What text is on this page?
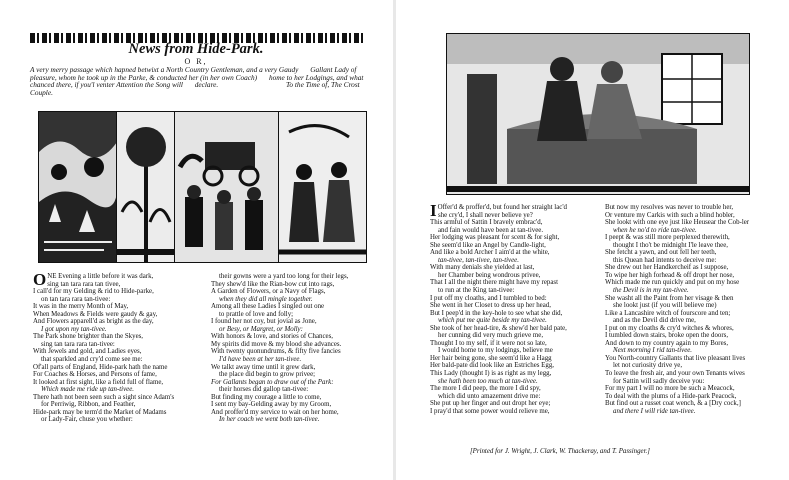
News from Hide-Park.
O R,
A very merry passage which hapned betwixt a North Country Gentleman, and a very Gaudy Gallant Lady of pleasure, whom he took up in the Parke, & conducted her (in her own Coach) home to her Lodgings, and what chanced there, if you'l venter Attention the Song will declare.	To the Time of, The Crost Couple.
O NE Evening a little before it was dark,
sing tan tara rara tan tivee,
I call'd for my Gelding & rid to Hide-parke,
on tan tara rara tan-tivee:
It was in the merry Month of May,
When Meadows & Fields were gaudy & gay,
And Flowers apparell'd as bright as the day,
I got upon my tan-tivee.
The Park shone brighter than the Skyes,
sing tan tara rara tan-tivee:
With Jewels and gold, and Ladies eyes,
that sparkled and cry'd come see me:
Of'all parts of England, Hide-park hath the name
For Coaches & Horses, and Persons of fame,
It looked at first sight, like a field full of flame,
Which made me ride up tan-tivee.
There hath not been seen such a sight since Adam's
for Perriwig, Ribbon, and Feather,
Hide-park may be term'd the Market of Madams
or Lady-Fair, chuse you whether:
their gowns were a yard too long for their legs,
They shew'd like the Rian-bow cut into rags,
A Garden of Flowers, or a Navy of Flags,
when they did all mingle together.
Among all these Ladies I singled out one
to prattle of love and folly;
I found her not coy, but jovial as Jone,
or Besy, or Margret, or Molly:
With honors & love, and stories of Chances,
My spirits did move & my blood she advances.
With twenty quonundrums, & fifty five fancies
I'd have been at her tan-tivee.
We talkt away time until it grew dark,
the place did begin to grow privee;
For Gallants began to draw out of the Park:
their horses did gallop tan-tivee:
But finding my courage a little to come,
I sent my bay-Gelding away by my Groom,
And proffer'd my service to wait on her home,
In her coach we went both tan-tivee.
I Offer'd & proffer'd, but found her straight lac'd
she cry'd, I shall never believe ye?
This armful of Sattin I bravely embrac'd,
and fain would have been at tan-tivee.
Her lodging was pleasant for scent & for sight,
She seem'd like an Angel by Candle-light,
And like a bold Archer I aim'd at the white,
tan-tivee, tan-tivee, tan-tivee.
With many denials she yielded at last,
her Chamber being wondrous privee,
That I all the night there might have my repast
to run at the King tan-tivee:
I put off my cloaths, and I tumbled to bed:
She went in her Closet to dress up her head,
But I peep'd in the key-hole to see what she did,
which put me quite beside my tan-tivee.
She took of her head-tire, & shew'd her bald pate,
her cunning did very much grieve me,
Thought I to my self, if it were not so late,
I would home to my lodgings, believe me
Her hair being gone, she seem'd like a Hagg
Her bald-pate did look like an Estriches Egg,
This Lady (thought I) is as right as my legg,
she hath been too much at tan-tivee.
The more I did peep, the more I did spy,
which did unto amazement drive me:
She put up her finger and out dropt her eye;
I pray'd that some power would relieve me,
But now my resolves was never to trouble her,
Or venture my Carkis with such a blind hobler,
She lookt with one eye just like Heusear the Cob-ler
when he no'd to ride tan-tivee.
I peept & was still more perplexed therewith,
thought I tho't be midnight I'le leave thee,
She fetcht a yawn, and out fell her teeth,
this Quean had intents to deceive me:
She drew out her Handkercheif as I suppose,
To wipe her high forhead & off dropt her nose,
Which made me run quickly and put on my hose
the Devil is in my tan-tivee.
She washt all the Paint from her visage & then
she lookt just (if you will believe me)
Like a Lancashire witch of fourscore and ten;
and as the Devil did drive me,
I put on my cloaths & cry'd witches & whores,
I tumbled down stairs, broke open the doors,
And down to my country again to my Bores,
Next morning I rid tan-tivee.
You North-country Gallants that live pleasant lives
let not curiosity drive ye,
To leave the fresh air, and your own Tenants wives
for Sattin will sadly deceive you:
For my part I will no more be such a Meacock,
To deal with the plums of a Hide-park Peacock,
But find out a russet coat wench, & a [Dry cock,]
and there I will ride tan-tivee.
[Printed for J. Wright, J. Clark, W. Thackeray, and T. Passinger.]
